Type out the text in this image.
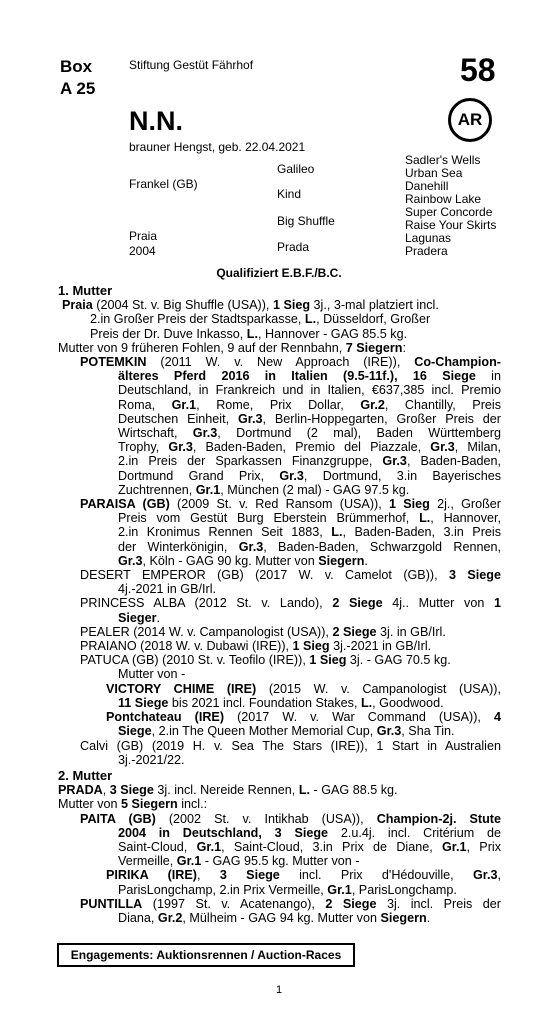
Box
A 25
Stiftung Gestüt Fährhof	58
AR
N.N.
brauner Hengst, geb. 22.04.2021
Frankel (GB)
Praia
2004
Galileo
Kind
Big Shuffle
Prada
Sadler's Wells
Urban Sea
Danehill
Rainbow Lake
Super Concorde
Raise Your Skirts
Lagunas
Pradera
Qualifiziert E.B.F./B.C.

1. Mutter

Praia (2004 St. v. Big Shuffle (USA)), 1 Sieg 3j., 3-mal platziert incl.

2.in Großer Preis der Stadtsparkasse, L., Düsseldorf, Großer

Preis der Dr. Duve Inkasso, L., Hannover - GAG 85.5 kg.

Mutter von 9 früheren Fohlen, 9 auf der Rennbahn, 7 Siegern:

POTEMKIN (2011 W. v. New Approach (IRE)), Co-Champion-

älteres Pferd 2016 in Italien (9.5-11f.), 16 Siege in

Deutschland, in Frankreich und in Italien, €637,385 incl. Premio

Roma, Gr.1, Rome, Prix Dollar, Gr.2, Chantilly, Preis

Deutschen Einheit, Gr.3, Berlin-Hoppegarten, Großer Preis der

Wirtschaft, Gr.3, Dortmund (2 mal), Baden Württemberg

Trophy, Gr.3, Baden-Baden, Premio del Piazzale, Gr.3, Milan,

2.in Preis der Sparkassen Finanzgruppe, Gr.3, Baden-Baden,

Dortmund Grand Prix, Gr.3, Dortmund, 3.in Bayerisches

Zuchtrennen, Gr.1, München (2 mal) - GAG 97.5 kg.

PARAISA (GB) (2009 St. v. Red Ransom (USA)), 1 Sieg 2j., Großer

Preis vom Gestüt Burg Eberstein Brümmerhof, L., Hannover,

2.in Kronimus Rennen Seit 1883, L., Baden-Baden, 3.in Preis

der Winterkönigin, Gr.3, Baden-Baden, Schwarzgold Rennen,

Gr.3, Köln - GAG 90 kg. Mutter von Siegern.

DESERT EMPEROR (GB) (2017 W. v. Camelot (GB)), 3 Siege

4j.-2021 in GB/Irl.

PRINCESS ALBA (2012 St. v. Lando), 2 Siege 4j.. Mutter von 1

Sieger.

PEALER (2014 W. v. Campanologist (USA)), 2 Siege 3j. in GB/Irl.

PRAIANO (2018 W. v. Dubawi (IRE)), 1 Sieg 3j.-2021 in GB/Irl.

PATUCA (GB) (2010 St. v. Teofilo (IRE)), 1 Sieg 3j. - GAG 70.5 kg.

Mutter von -

VICTORY CHIME (IRE) (2015 W. v. Campanologist (USA)),

11 Siege bis 2021 incl. Foundation Stakes, L., Goodwood.

Pontchateau (IRE) (2017 W. v. War Command (USA)), 4

Siege, 2.in The Queen Mother Memorial Cup, Gr.3, Sha Tin.

Calvi (GB) (2019 H. v. Sea The Stars (IRE)), 1 Start in Australien

3j.-2021/22.

2. Mutter

PRADA, 3 Siege 3j. incl. Nereide Rennen, L. - GAG 88.5 kg.

Mutter von 5 Siegern incl.:

PAITA (GB) (2002 St. v. Intikhab (USA)), Champion-2j. Stute

2004 in Deutschland, 3 Siege 2.u.4j. incl. Critérium de

Saint-Cloud, Gr.1, Saint-Cloud, 3.in Prix de Diane, Gr.1, Prix

Vermeille, Gr.1 - GAG 95.5 kg. Mutter von -

PIRIKA (IRE), 3 Siege incl. Prix d'Hédouville, Gr.3,

ParisLongchamp, 2.in Prix Vermeille, Gr.1, ParisLongchamp.

PUNTILLA (1997 St. v. Acatenango), 2 Siege 3j. incl. Preis der

Diana, Gr.2, Mülheim - GAG 94 kg. Mutter von Siegern.

Engagements: Auktionsrennen / Auction-Races
1
